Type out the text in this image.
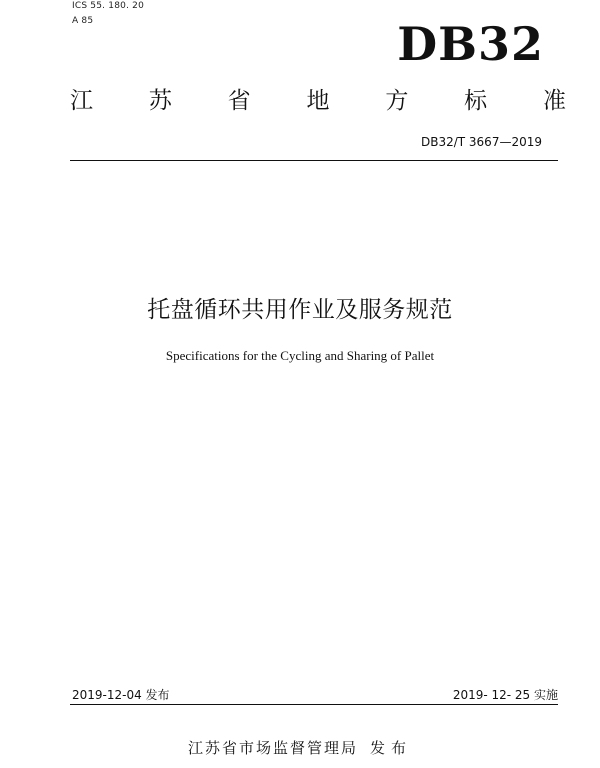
ICS 55. 180. 20
A 85	DB32
江 苏 省 地 方 标 准
DB32/T 3667—2019
托盘循环共用作业及服务规范
Specifications for the Cycling and Sharing of Pallet
2019-12-04 发布	2019- 12- 25 实施
江苏省市场监督管理局 发布
